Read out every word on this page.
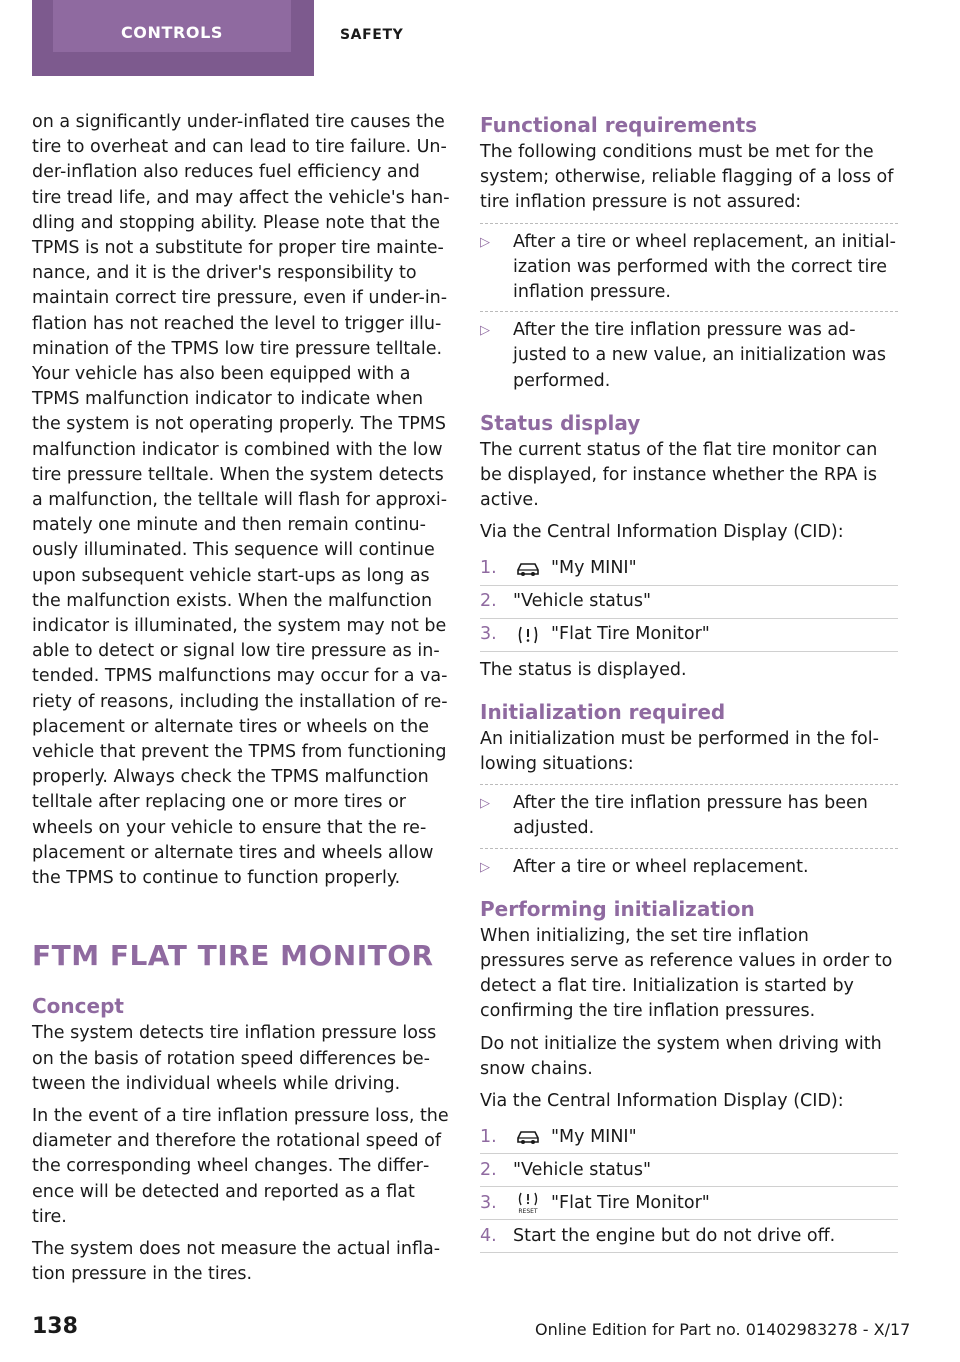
CONTROLS	SAFETY

on a significantly under-inflated tire causes the tire to overheat and can lead to tire failure. Under-inflation also reduces fuel efficiency and tire tread life, and may affect the vehicle's handling and stopping ability. Please note that the TPMS is not a substitute for proper tire maintenance, and it is the driver's responsibility to maintain correct tire pressure, even if under-inflation has not reached the level to trigger illumination of the TPMS low tire pressure telltale. Your vehicle has also been equipped with a TPMS malfunction indicator to indicate when the system is not operating properly. The TPMS malfunction indicator is combined with the low tire pressure telltale. When the system detects a malfunction, the telltale will flash for approximately one minute and then remain continuously illuminated. This sequence will continue upon subsequent vehicle start-ups as long as the malfunction exists. When the malfunction indicator is illuminated, the system may not be able to detect or signal low tire pressure as intended. TPMS malfunctions may occur for a variety of reasons, including the installation of replacement or alternate tires or wheels on the vehicle that prevent the TPMS from functioning properly. Always check the TPMS malfunction telltale after replacing one or more tires or wheels on your vehicle to ensure that the replacement or alternate tires and wheels allow the TPMS to continue to function properly.

FTM FLAT TIRE MONITOR
Concept

The system detects tire inflation pressure loss on the basis of rotation speed differences between the individual wheels while driving.

In the event of a tire inflation pressure loss, the diameter and therefore the rotational speed of the corresponding wheel changes. The difference will be detected and reported as a flat tire.

The system does not measure the actual inflation pressure in the tires.

Functional requirements

The following conditions must be met for the system; otherwise, reliable flagging of a loss of tire inflation pressure is not assured:

▷	After a tire or wheel replacement, an initialization was performed with the correct tire inflation pressure.
▷	After the tire inflation pressure was adjusted to a new value, an initialization was performed.
Status display

The current status of the flat tire monitor can be displayed, for instance whether the RPA is active.

Via the Central Information Display (CID):

1.	"My MINI"
2. "Vehicle status"
3.	"Flat Tire Monitor"

The status is displayed.

Initialization required

An initialization must be performed in the following situations:

▷	After the tire inflation pressure has been adjusted.
▷	After a tire or wheel replacement.
Performing initialization

When initializing, the set tire inflation pressures serve as reference values in order to detect a flat tire. Initialization is started by confirming the tire inflation pressures.

Do not initialize the system when driving with snow chains.

Via the Central Information Display (CID):

1.	"My MINI"
2. "Vehicle status"
3.	RESET "Flat Tire Monitor"
4. Start the engine but do not drive off.
138	Online Edition for Part no. 01402983278 - X/17
